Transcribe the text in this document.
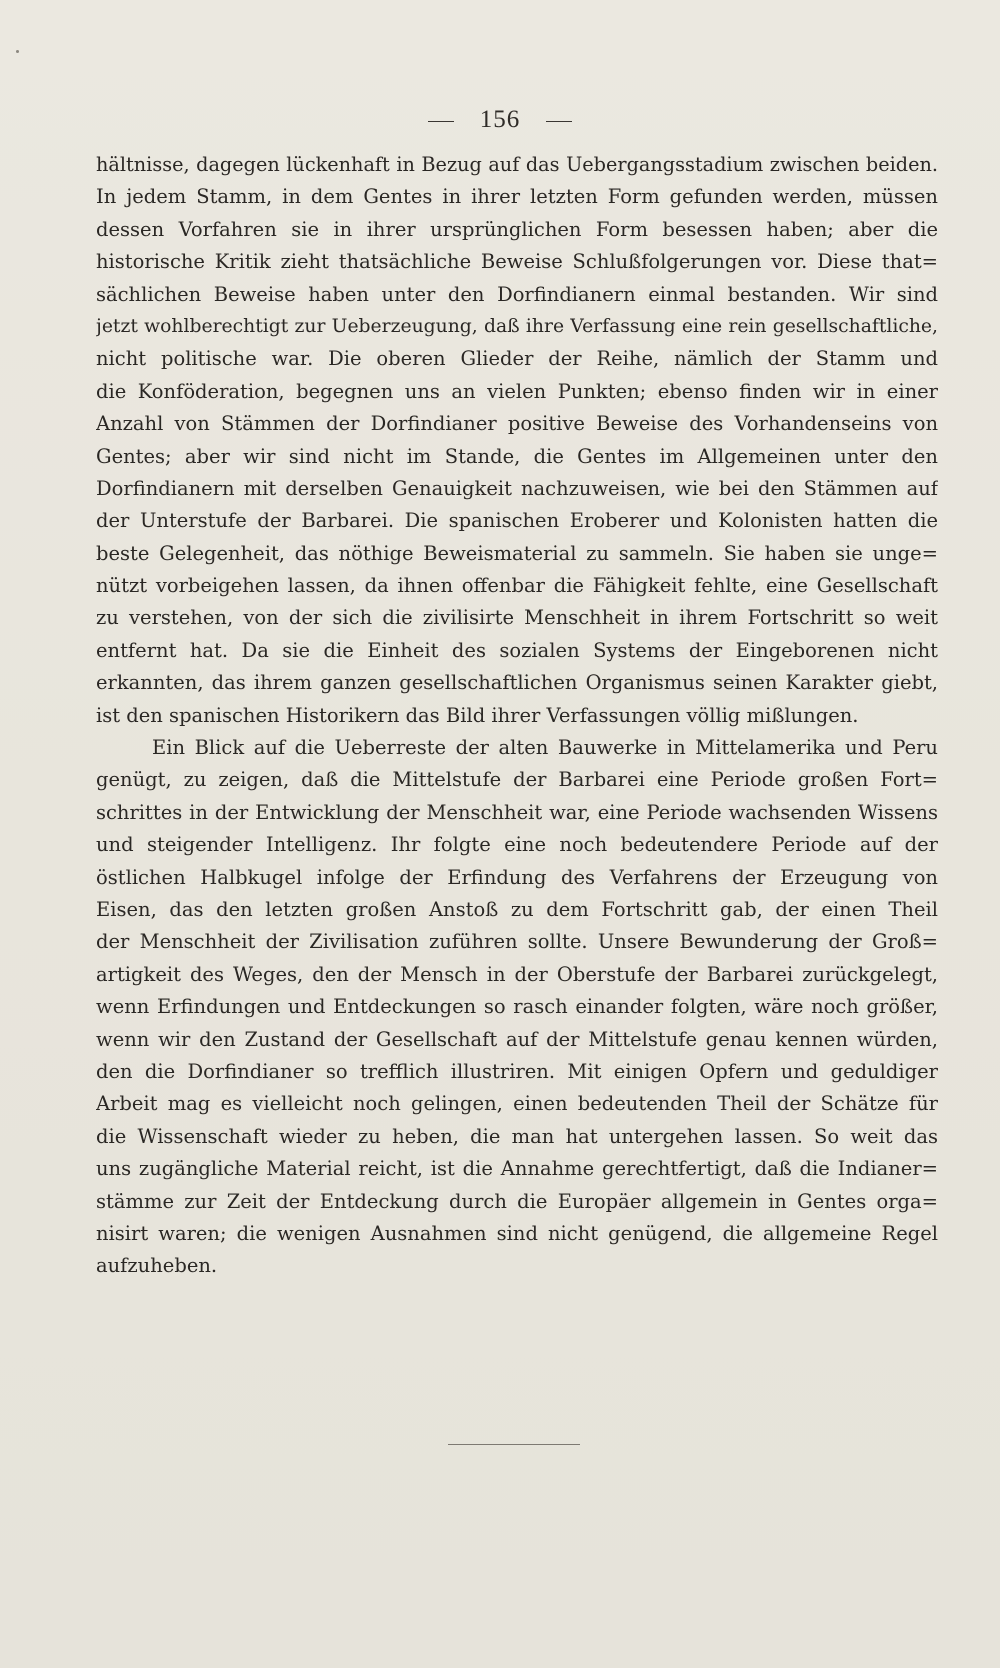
156
hältnisse, dagegen lückenhaft in Bezug auf das Uebergangsstadium zwischen beiden.
In jedem Stamm, in dem Gentes in ihrer letzten Form gefunden werden, müssen
dessen Vorfahren sie in ihrer ursprünglichen Form besessen haben; aber die
historische Kritik zieht thatsächliche Beweise Schlußfolgerungen vor. Diese that=
sächlichen Beweise haben unter den Dorfindianern einmal bestanden. Wir sind
jetzt wohlberechtigt zur Ueberzeugung, daß ihre Verfassung eine rein gesellschaftliche,
nicht politische war. Die oberen Glieder der Reihe, nämlich der Stamm und
die Konföderation, begegnen uns an vielen Punkten; ebenso finden wir in einer
Anzahl von Stämmen der Dorfindianer positive Beweise des Vorhandenseins von
Gentes; aber wir sind nicht im Stande, die Gentes im Allgemeinen unter den
Dorfindianern mit derselben Genauigkeit nachzuweisen, wie bei den Stämmen auf
der Unterstufe der Barbarei. Die spanischen Eroberer und Kolonisten hatten die
beste Gelegenheit, das nöthige Beweismaterial zu sammeln. Sie haben sie unge=
nützt vorbeigehen lassen, da ihnen offenbar die Fähigkeit fehlte, eine Gesellschaft
zu verstehen, von der sich die zivilisirte Menschheit in ihrem Fortschritt so weit
entfernt hat. Da sie die Einheit des sozialen Systems der Eingeborenen nicht
erkannten, das ihrem ganzen gesellschaftlichen Organismus seinen Karakter giebt,
ist den spanischen Historikern das Bild ihrer Verfassungen völlig mißlungen.
Ein Blick auf die Ueberreste der alten Bauwerke in Mittelamerika und Peru
genügt, zu zeigen, daß die Mittelstufe der Barbarei eine Periode großen Fort=
schrittes in der Entwicklung der Menschheit war, eine Periode wachsenden Wissens
und steigender Intelligenz. Ihr folgte eine noch bedeutendere Periode auf der
östlichen Halbkugel infolge der Erfindung des Verfahrens der Erzeugung von
Eisen, das den letzten großen Anstoß zu dem Fortschritt gab, der einen Theil
der Menschheit der Zivilisation zuführen sollte. Unsere Bewunderung der Groß=
artigkeit des Weges, den der Mensch in der Oberstufe der Barbarei zurückgelegt,
wenn Erfindungen und Entdeckungen so rasch einander folgten, wäre noch größer,
wenn wir den Zustand der Gesellschaft auf der Mittelstufe genau kennen würden,
den die Dorfindianer so trefflich illustriren. Mit einigen Opfern und geduldiger
Arbeit mag es vielleicht noch gelingen, einen bedeutenden Theil der Schätze für
die Wissenschaft wieder zu heben, die man hat untergehen lassen. So weit das
uns zugängliche Material reicht, ist die Annahme gerechtfertigt, daß die Indianer=
stämme zur Zeit der Entdeckung durch die Europäer allgemein in Gentes orga=
nisirt waren; die wenigen Ausnahmen sind nicht genügend, die allgemeine Regel
aufzuheben.
